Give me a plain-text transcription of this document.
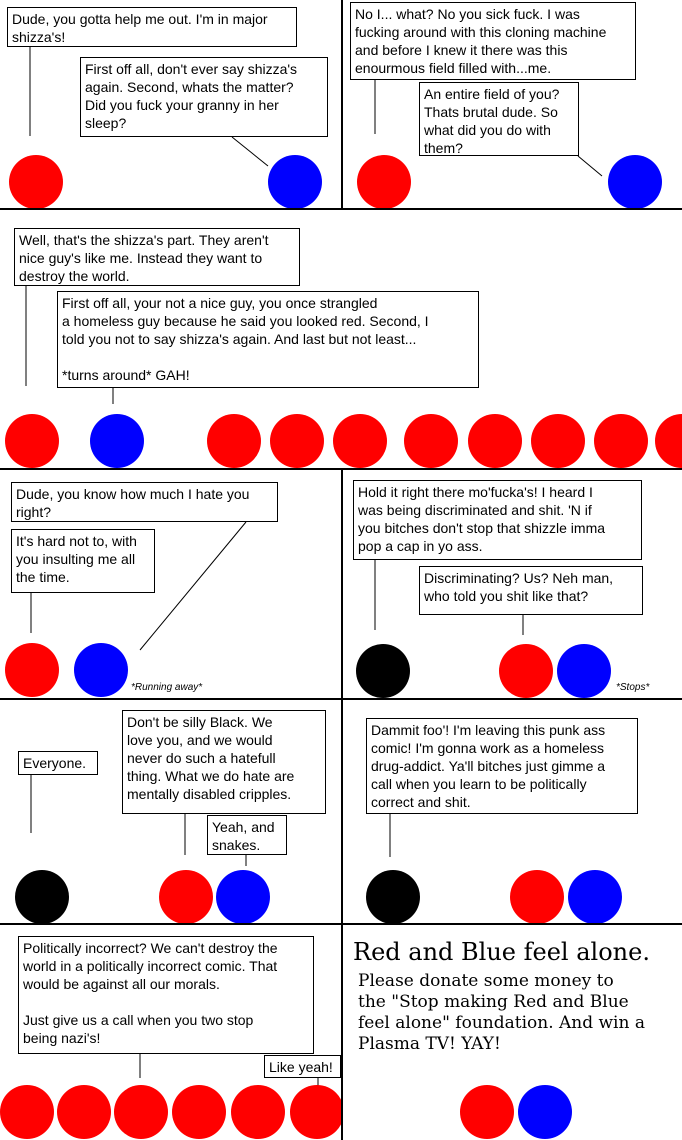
Dude, you gotta help me out. I'm in major
shizza's!
First off all, don't ever say shizza's
again. Second, whats the matter?
Did you fuck your granny in her
sleep?
No I... what? No you sick fuck. I was
fucking around with this cloning machine
and before I knew it there was this
enourmous field filled with...me.
An entire field of you?
Thats brutal dude. So
what did you do with
them?
Well, that's the shizza's part. They aren't
nice guy's like me. Instead they want to
destroy the world.
First off all, your not a nice guy, you once strangled
a homeless guy because he said you looked red. Second, I
told you not to say shizza's again. And last but not least...

*turns around* GAH!
Dude, you know how much I hate you
right?
It's hard not to, with
you insulting me all
the time.
*Running away*
Hold it right there mo'fucka's! I heard I
was being discriminated and shit. 'N if
you bitches don't stop that shizzle imma
pop a cap in yo ass.
Discriminating? Us? Neh man,
who told you shit like that?
*Stops*
Everyone.
Don't be silly Black. We
love you, and we would
never do such a hatefull
thing. What we do hate are
mentally disabled cripples.
Yeah, and
snakes.
Dammit foo'! I'm leaving this punk ass
comic! I'm gonna work as a homeless
drug-addict. Ya'll bitches just gimme a
call when you learn to be politically
correct and shit.
Politically incorrect? We can't destroy the
world in a politically incorrect comic. That
would be against all our morals.

Just give us a call when you two stop
being nazi's!
Like yeah!
Red and Blue feel alone.
Please donate some money to
the "Stop making Red and Blue
feel alone" foundation. And win a
Plasma TV! YAY!
